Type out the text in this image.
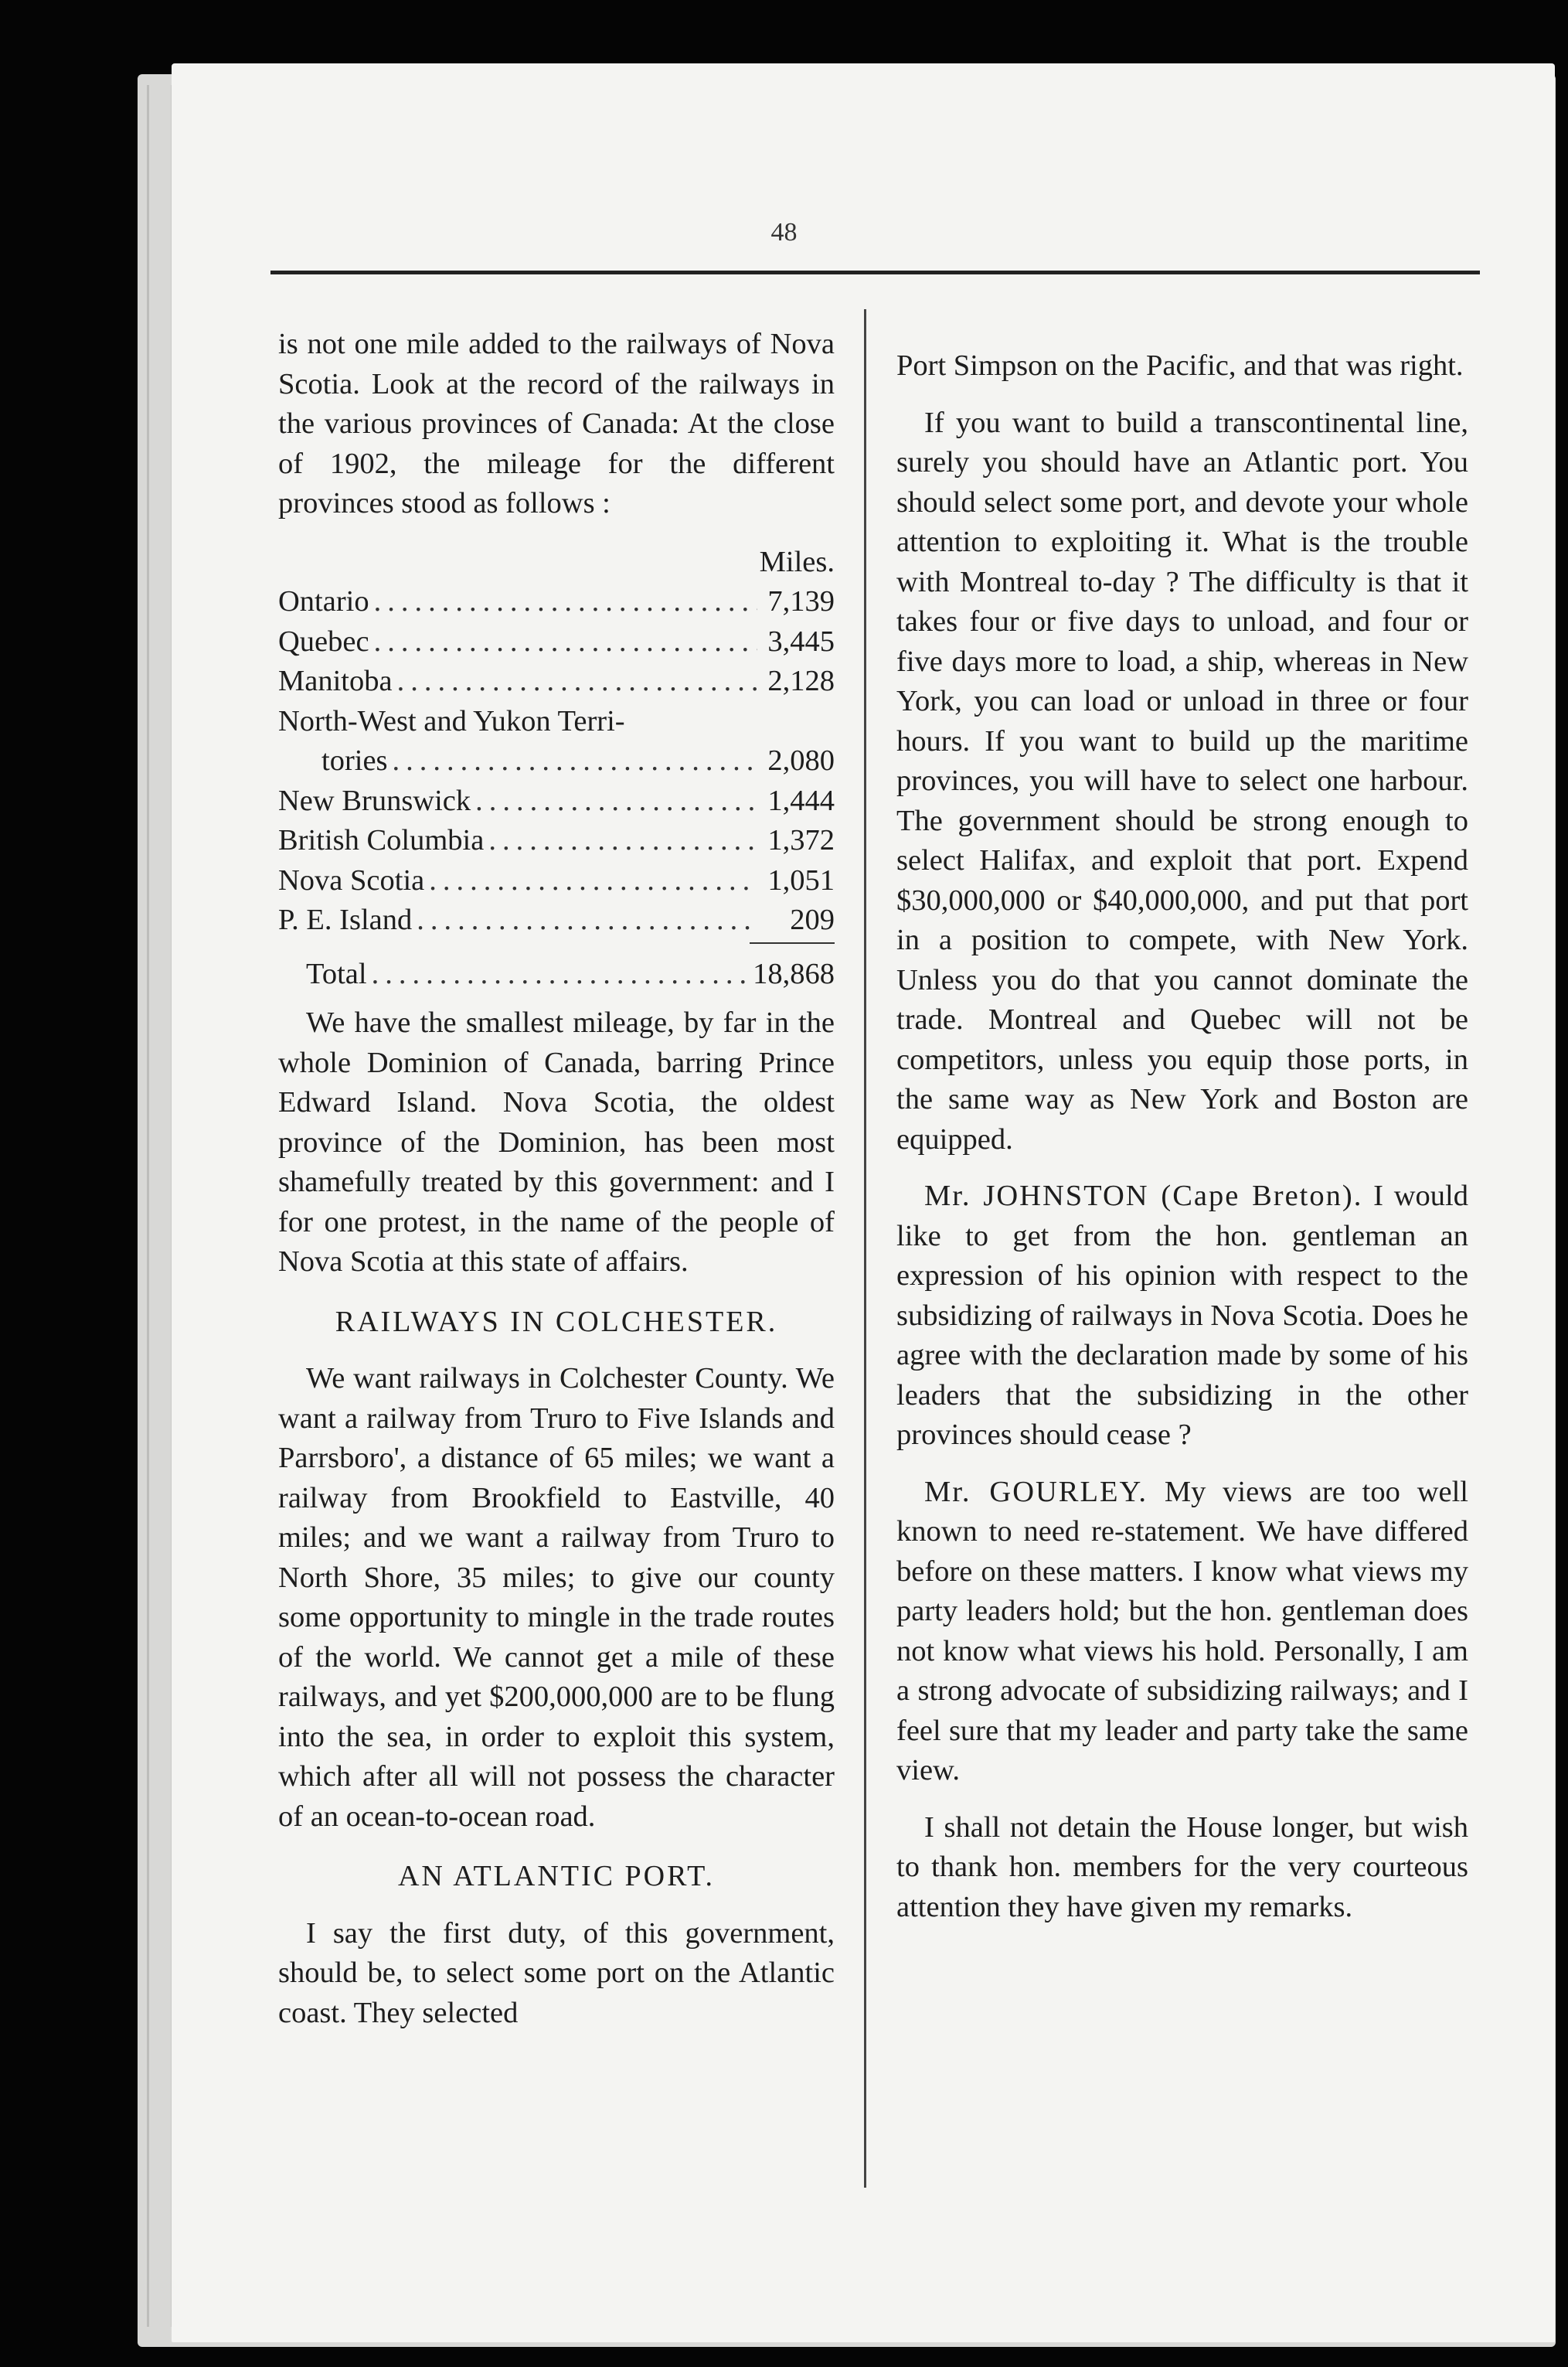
48

is not one mile added to the railways of Nova Scotia. Look at the record of the railways in the various provinces of Canada: At the close of 1902, the mileage for the different provinces stood as follows :

Miles.
Ontario .....	7,139
Quebec .....	3,445
Manitoba .....	2,128
North-West and Yukon Terri-
tories .....	2,080
New Brunswick .....	1,444
British Columbia .....	1,372
Nova Scotia .....	1,051
P. E. Island .....	209
Total .....	18,868

We have the smallest mileage, by far in the whole Dominion of Canada, barring Prince Edward Island. Nova Scotia, the oldest province of the Dominion, has been most shamefully treated by this government: and I for one protest, in the name of the people of Nova Scotia at this state of affairs.

RAILWAYS IN COLCHESTER.

We want railways in Colchester County. We want a railway from Truro to Five Islands and Parrsboro', a distance of 65 miles; we want a railway from Brookfield to Eastville, 40 miles; and we want a railway from Truro to North Shore, 35 miles; to give our county some opportunity to mingle in the trade routes of the world. We cannot get a mile of these railways, and yet $200,000,000 are to be flung into the sea, in order to exploit this system, which after all will not possess the character of an ocean-to-ocean road.

AN ATLANTIC PORT.

I say the first duty, of this government, should be, to select some port on the Atlantic coast. They selected

Port Simpson on the Pacific, and that was right.

If you want to build a transcontinental line, surely you should have an Atlantic port. You should select some port, and devote your whole attention to exploiting it. What is the trouble with Montreal to-day ? The difficulty is that it takes four or five days to unload, and four or five days more to load, a ship, whereas in New York, you can load or unload in three or four hours. If you want to build up the maritime provinces, you will have to select one harbour. The government should be strong enough to select Halifax, and exploit that port. Expend $30,000,000 or $40,000,000, and put that port in a position to compete, with New York. Unless you do that you cannot dominate the trade. Montreal and Quebec will not be competitors, unless you equip those ports, in the same way as New York and Boston are equipped.

Mr. JOHNSTON (Cape Breton). I would like to get from the hon. gentleman an expression of his opinion with respect to the subsidizing of railways in Nova Scotia. Does he agree with the declaration made by some of his leaders that the subsidizing in the other provinces should cease ?

Mr. GOURLEY. My views are too well known to need re-statement. We have differed before on these matters. I know what views my party leaders hold; but the hon. gentleman does not know what views his hold. Personally, I am a strong advocate of subsidizing railways; and I feel sure that my leader and party take the same view.

I shall not detain the House longer, but wish to thank hon. members for the very courteous attention they have given my remarks.
